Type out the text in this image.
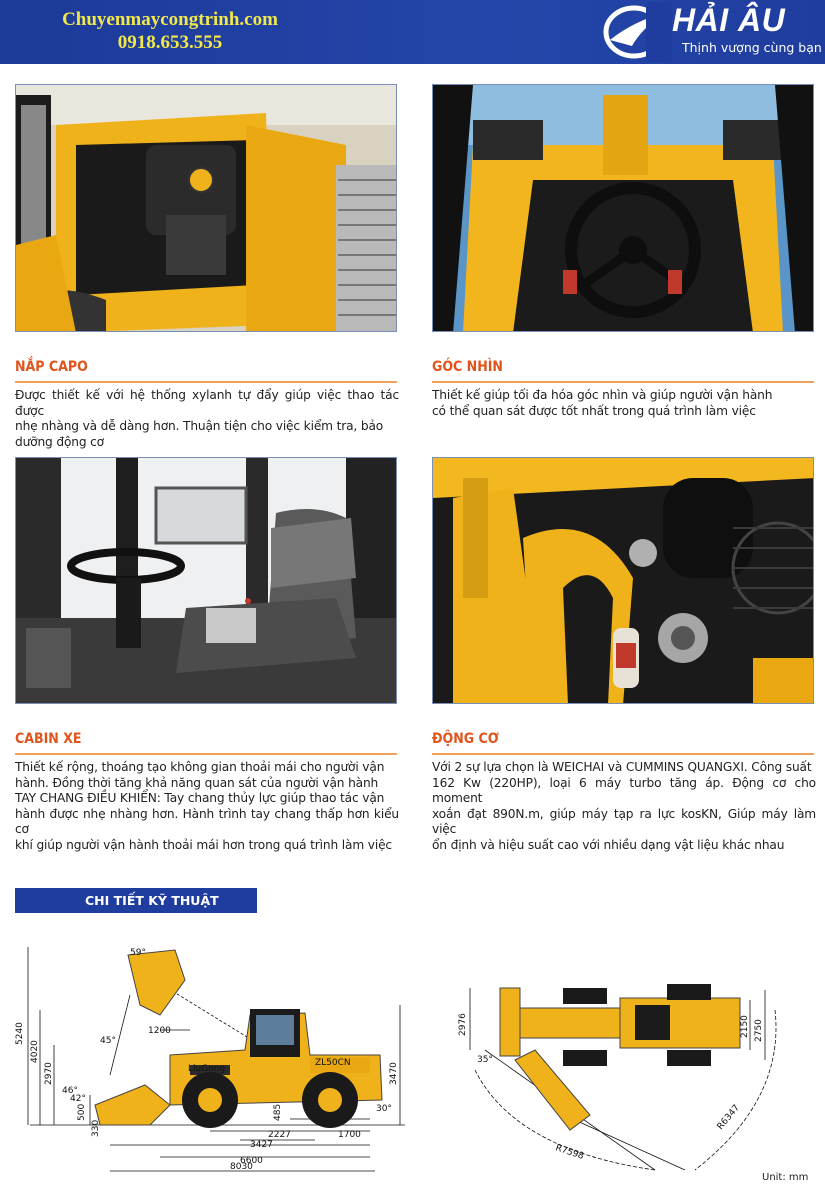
Chuyenmaycongtrinh.com
0918.653.555
HẢI ÂU
Thịnh vượng cùng bạn
NẮP CAPO
Được thiết kế với hệ thống xylanh tự đẩy giúp việc thao tác được
nhẹ nhàng và dễ dàng hơn. Thuận tiện cho việc kiểm tra, bảo
dưỡng động cơ
GÓC NHÌN
Thiết kế giúp tối đa hóa góc nhìn và giúp người vận hành
có thể quan sát được tốt nhất trong quá trình làm việc
CABIN XE
Thiết kế rộng, thoáng tạo không gian thoải mái cho người vận
hành. Đồng thời tăng khả năng quan sát của người vận hành
TAY CHANG ĐIỀU KHIỂN: Tay chang thủy lực giúp thao tác vận
hành được nhẹ nhàng hơn. Hành trình tay chang thấp hơn kiểu cơ
khí giúp người vận hành thoải mái hơn trong quá trình làm việc
ĐỘNG CƠ
Với 2 sự lựa chọn là WEICHAI và CUMMINS QUANGXI. Công suất
162 Kw (220HP), loại 6 máy turbo tăng áp. Động cơ cho moment
xoắn đạt 890N.m, giúp máy tạp ra lực kosKN, Giúp máy làm việc
ổn định và hiệu suất cao với nhiều dạng vật liệu khác nhau
CHI TIẾT KỸ THUẬT
LiuGong
ZL50CN
59°
1200
45°
5240
4020
2970
46°
42°
500
330
485
2227	1700
3427
6600
8030
3470
30°
2976
35°
2150 2750
R6347
R7598
Unit: mm
